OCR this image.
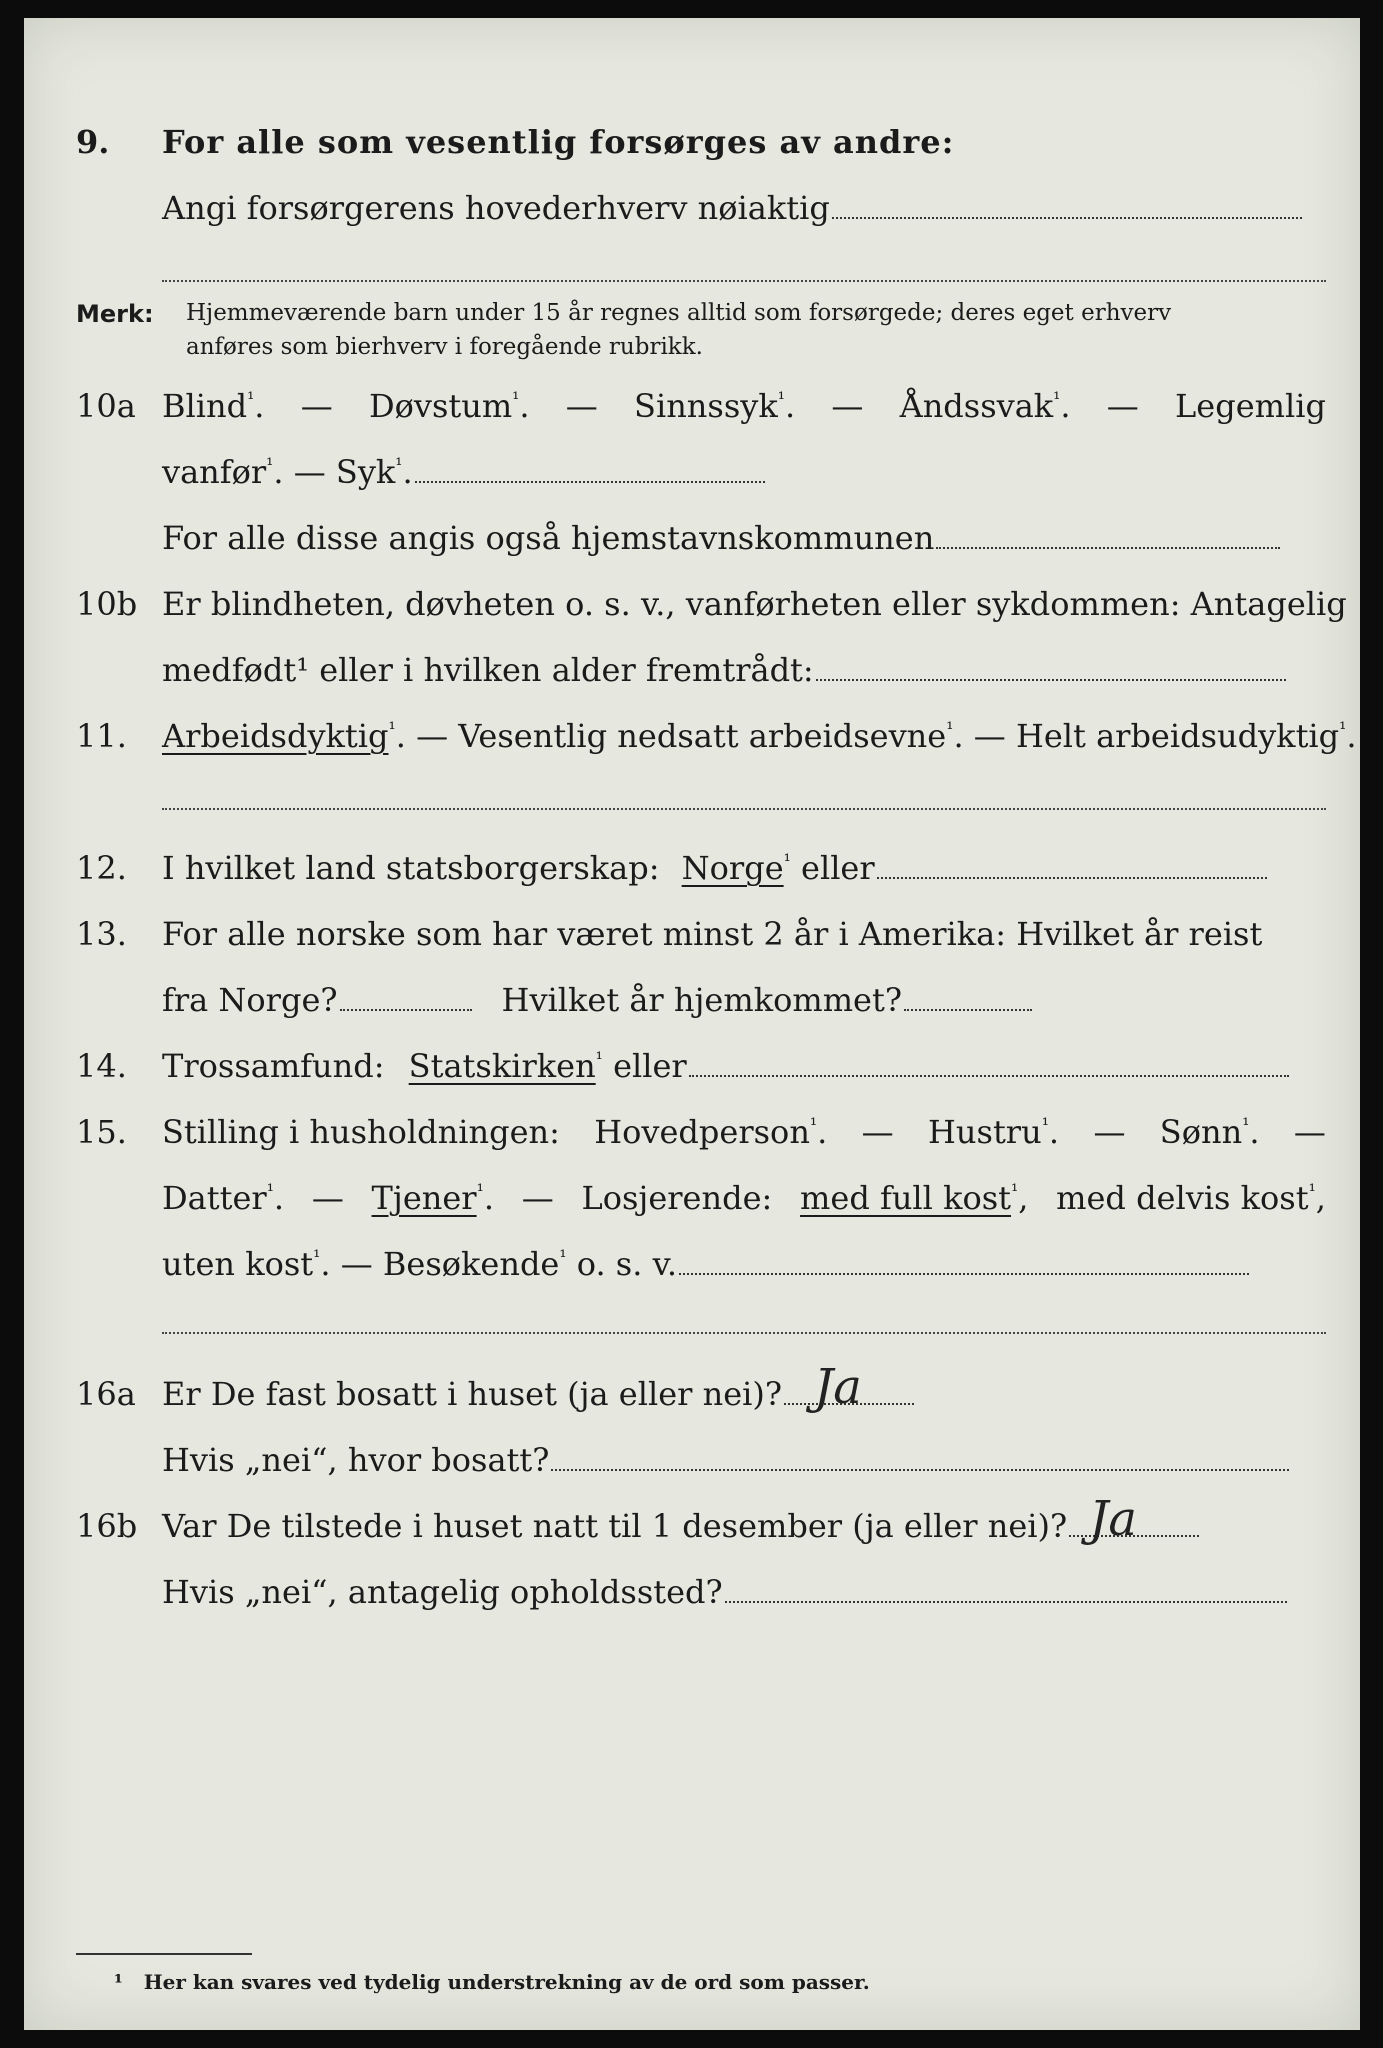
9. For alle som vesentlig forsørges av andre:
Angi forsørgerens hovederhverv nøiaktig
Merk: Hjemmeværende barn under 15 år regnes alltid som forsørgede; deres eget erhverv
anføres som bierhverv i foregående rubrikk.
10a Blind$^{^1}$. — Døvstum$^{^1}$. — Sinnssyk$^{^1}$. — Åndssvak$^{^1}$. — Legemlig
vanfør$^{^1}$. — Syk$^{^1}$.
For alle disse angis også hjemstavnskommunen
10b Er blindheten, døvheten o. s. v., vanførheten eller sykdommen: Antagelig
medfødt¹ eller i hvilken alder fremtrådt:
11. Arbeidsdyktig$^{^1}$. — Vesentlig nedsatt arbeidsevne$^{^1}$. — Helt arbeidsudyktig$^{^1}$.
12. I hvilket land statsborgerskap: Norge$^{^1}$ eller
13. For alle norske som har været minst 2 år i Amerika: Hvilket år reist
fra Norge?	Hvilket år hjemkommet?
14. Trossamfund: Statskirken$^{^1}$ eller
15. Stilling i husholdningen: Hovedperson$^{^1}$. — Hustru$^{^1}$. — Sønn$^{^1}$. —
Datter$^{^1}$. — Tjener$^{^1}$. — Losjerende: med full kost$^{^1}$, med delvis kost$^{^1}$,
uten kost$^{^1}$. — Besøkende$^{^1}$ o. s. v.
16a Er De fast bosatt i huset (ja eller nei)? Ja
Hvis „nei“, hvor bosatt?
16b Var De tilstede i huset natt til 1 desember (ja eller nei)? Ja
Hvis „nei“, antagelig opholdssted?
¹ Her kan svares ved tydelig understrekning av de ord som passer.
